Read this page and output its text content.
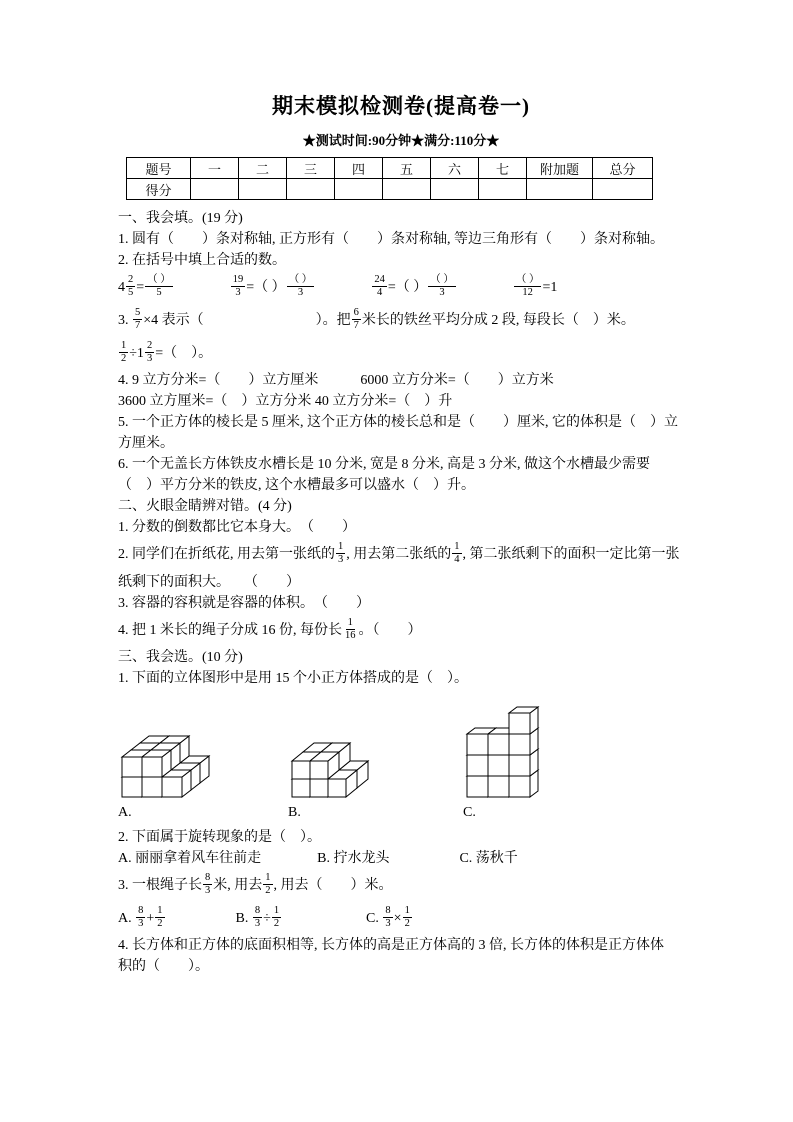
期末模拟检测卷(提高卷一)
★测试时间:90分钟★满分:110分★
题号	一	二	三	四	五	六	七	附加题	总分
得分									
一、我会填。(19 分)
1. 圆有（　　）条对称轴, 正方形有（　　）条对称轴, 等边三角形有（　　）条对称轴。
2. 在括号中填上合适的数。
$4 \frac{2}{5} = \frac{( )}{5}$
　　　　	$\frac{19}{3}$ =（ ） $\frac{( )}{3}$
　　　　	$\frac{24}{4}$ =（ ） $\frac{( )}{3}$
　　　　	$\frac{( )}{12} =1$
3. $\frac{5}{7} \times 4$ 表示（　　　　　　　　）。把 $\frac{6}{7}$ 米长的铁丝平均分成 2 段, 每段长（　）米。
$\frac{1}{2} \div 1 \frac{2}{3}$ =（　）。
4. 9 立方分米=（　　）立方厘米　　　6000 立方分米=（　　）立方米
3600 立方厘米=（　）立方分米 40 立方分米=（　）升
5. 一个正方体的棱长是 5 厘米, 这个正方体的棱长总和是（　　）厘米, 它的体积是（　）立
方厘米。
6. 一个无盖长方体铁皮水槽长是 10 分米, 宽是 8 分米, 高是 3 分米, 做这个水槽最少需要
（　）平方分米的铁皮, 这个水槽最多可以盛水（　）升。
二、火眼金睛辨对错。(4 分)
1. 分数的倒数都比它本身大。　（　　）
2. 同学们在折纸花, 用去第一张纸的 $\frac{1}{3}$ , 用去第二张纸的 $\frac{1}{4}$ , 第二张纸剩下的面积一定比第一张
纸剩下的面积大。　　（　　）
3. 容器的容积就是容器的体积。　（　　）
4. 把 1 米长的绳子分成 16 份, 每份长 $\frac{1}{16}$ 。（　　）
三、我会选。(10 分)
1. 下面的立体图形中是用 15 个小正方体搭成的是（　）。
A.	B.	C.
2. 下面属于旋转现象的是（　）。
A. 丽丽拿着风车往前走　　　　B. 拧水龙头　　　　　C. 荡秋千
3. 一根绳子长 $\frac{8}{3}$ 米, 用去 $\frac{1}{2}$ , 用去（　　）米。
A. $\frac{8}{3} + \frac{1}{2}$ 　　　　　B. $\frac{8}{3} \div \frac{1}{2}$ 　　　　　　C. $\frac{8}{3} \times \frac{1}{2}$
4. 长方体和正方体的底面积相等, 长方体的高是正方体高的 3 倍, 长方体的体积是正方体体
积的（　　）。
